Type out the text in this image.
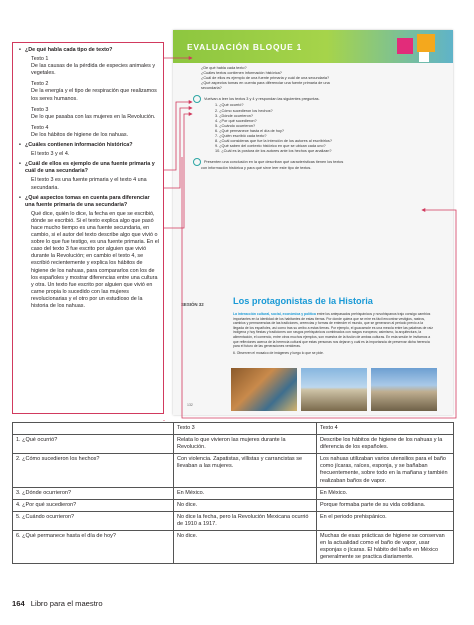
• ¿De qué habla cada tipo de texto?

Texto 1

De las causas de la pérdida de especies animales y vegetales.

Texto 2

De la energía y el tipo de respiración que realizamos los seres humanos.

Texto 3

De lo que pasaba con las mujeres en la Revolución.

Texto 4

De los hábitos de higiene de los nahuas.

• ¿Cuáles contienen información histórica?

El texto 3 y el 4.

• ¿Cuál de ellos es ejemplo de una fuente primaria y cuál de una secundaria?

El texto 3 es una fuente primaria y el texto 4 una secundaria.

• ¿Qué aspectos tomas en cuenta para diferenciar una fuente primaria de una secundaria?

Qué dice, quién lo dice, la fecha en que se escribió, dónde se escribió. Si el texto explica algo que pasó hace mucho tiempo es una fuente secundaria, en cambio, si el autor del texto describe algo que vivió o sobre lo que fue testigo, es una fuente primaria. En el caso del texto 3 fue escrito por alguien que vivió durante la Revolución; en cambio el texto 4, se escribió recientemente y explica los hábitos de higiene de los nahuas, para compararlos con los de los españoles y mostrar diferencias entre una cultura y otra. Un texto fue escrito por alguien que vivió en carne propia lo sucedido con las mujeres revolucionarias y el otro por un estudioso de la historia de los nahuas.

EVALUACIÓN BLOQUE 1
¿De qué habla cada texto?
¿Cuáles textos contienen información histórica?
¿Cuál de ellos es ejemplo de una fuente primaria y cuál de una secundaria?
¿Qué aspectos tomas en cuenta para diferenciar una fuente primaria de una
secundaria?
Vuelvan a leer los textos 3 y 4 y respondan las siguientes preguntas.
1. ¿Qué ocurrió?
2. ¿Cómo sucedieron los hechos?
3. ¿Dónde ocurrieron?
4. ¿Por qué sucedieron?
5. ¿Cuándo ocurrieron?
6. ¿Qué permanece hasta el día de hoy?
7. ¿Quién escribió cada texto?
8. ¿Cuál consideras que fue la intención de los autores al escribirlos?
9. ¿Qué saben del contexto histórico en que se ubican cada uno?
10. ¿Cuál es la postura de los autores ante los hechos que analizan?
Presenten una conclusión en la que describan qué características tienen los textos
con información histórica y para qué sirve leer este tipo de textos.
SESIÓN 32	Los protagonistas de la Historia
La interacción cultural, social, económica y política entre los antepasados prehispánicos y novohispanos trajo consigo cambios importantes en la identidad de los habitantes de estas tierras. Por donde quiera que se mire es fácil encontrar vestigios, rastros, cambios y permanencias de las tradiciones, creencias y formas de entender el mundo, que se generaron al periodo previo a la llegada de los españoles, así como tras su arribo a estas tierras. Por ejemplo, el guacamole es una mezcla entre las palabras de raíz indígena y hoy fiestas y tradiciones con rasgos prehispánicos combinados con rasgos europeos; asimismo, la arquitectura, la alimentación, el comercio, entre otros muchos ejemplos, son muestra de la fusión de ambas culturas. En esta sesión te invitamos a que reflexiones acerca de la herencia cultural que estas personas nos dejaron y cuál es la importancia de preservar dicha herencia para el futuro de las generaciones venideras.
6. Observen el mosaico de imágenes y luego lo que se pide.
132
	Texto 3	Texto 4
1. ¿Qué ocurrió?	Relata lo que vivieron las mujeres durante la Revolución.	Describe los hábitos de higiene de los nahuas y la diferencia de los españoles.
2. ¿Cómo sucedieron los hechos?	Con violencia. Zapatistas, villistas y carrancistas se llevaban a las mujeres.	Los nahuas utilizaban varios utensilios para el baño como jícaras, raíces, esponja, y se bañaban frecuentemente, sobre todo en la mañana y también realizaban baños de vapor.
3. ¿Dónde ocurrieron?	En México.	En México.
4. ¿Por qué sucedieron?	No dice.	Porque formaba parte de su vida cotidiana.
5. ¿Cuándo ocurrieron?	No dice la fecha, pero la Revolución Mexicana ocurrió de 1910 a 1917.	En el periodo prehispánico.
6. ¿Qué permanece hasta el día de hoy?	No dice.	Muchas de esas prácticas de higiene se conservan en la actualidad como el baño de vapor, usar esponjas o jícaras. El hábito del baño en México generalmente se practica diariamente.
164 Libro para el maestro
